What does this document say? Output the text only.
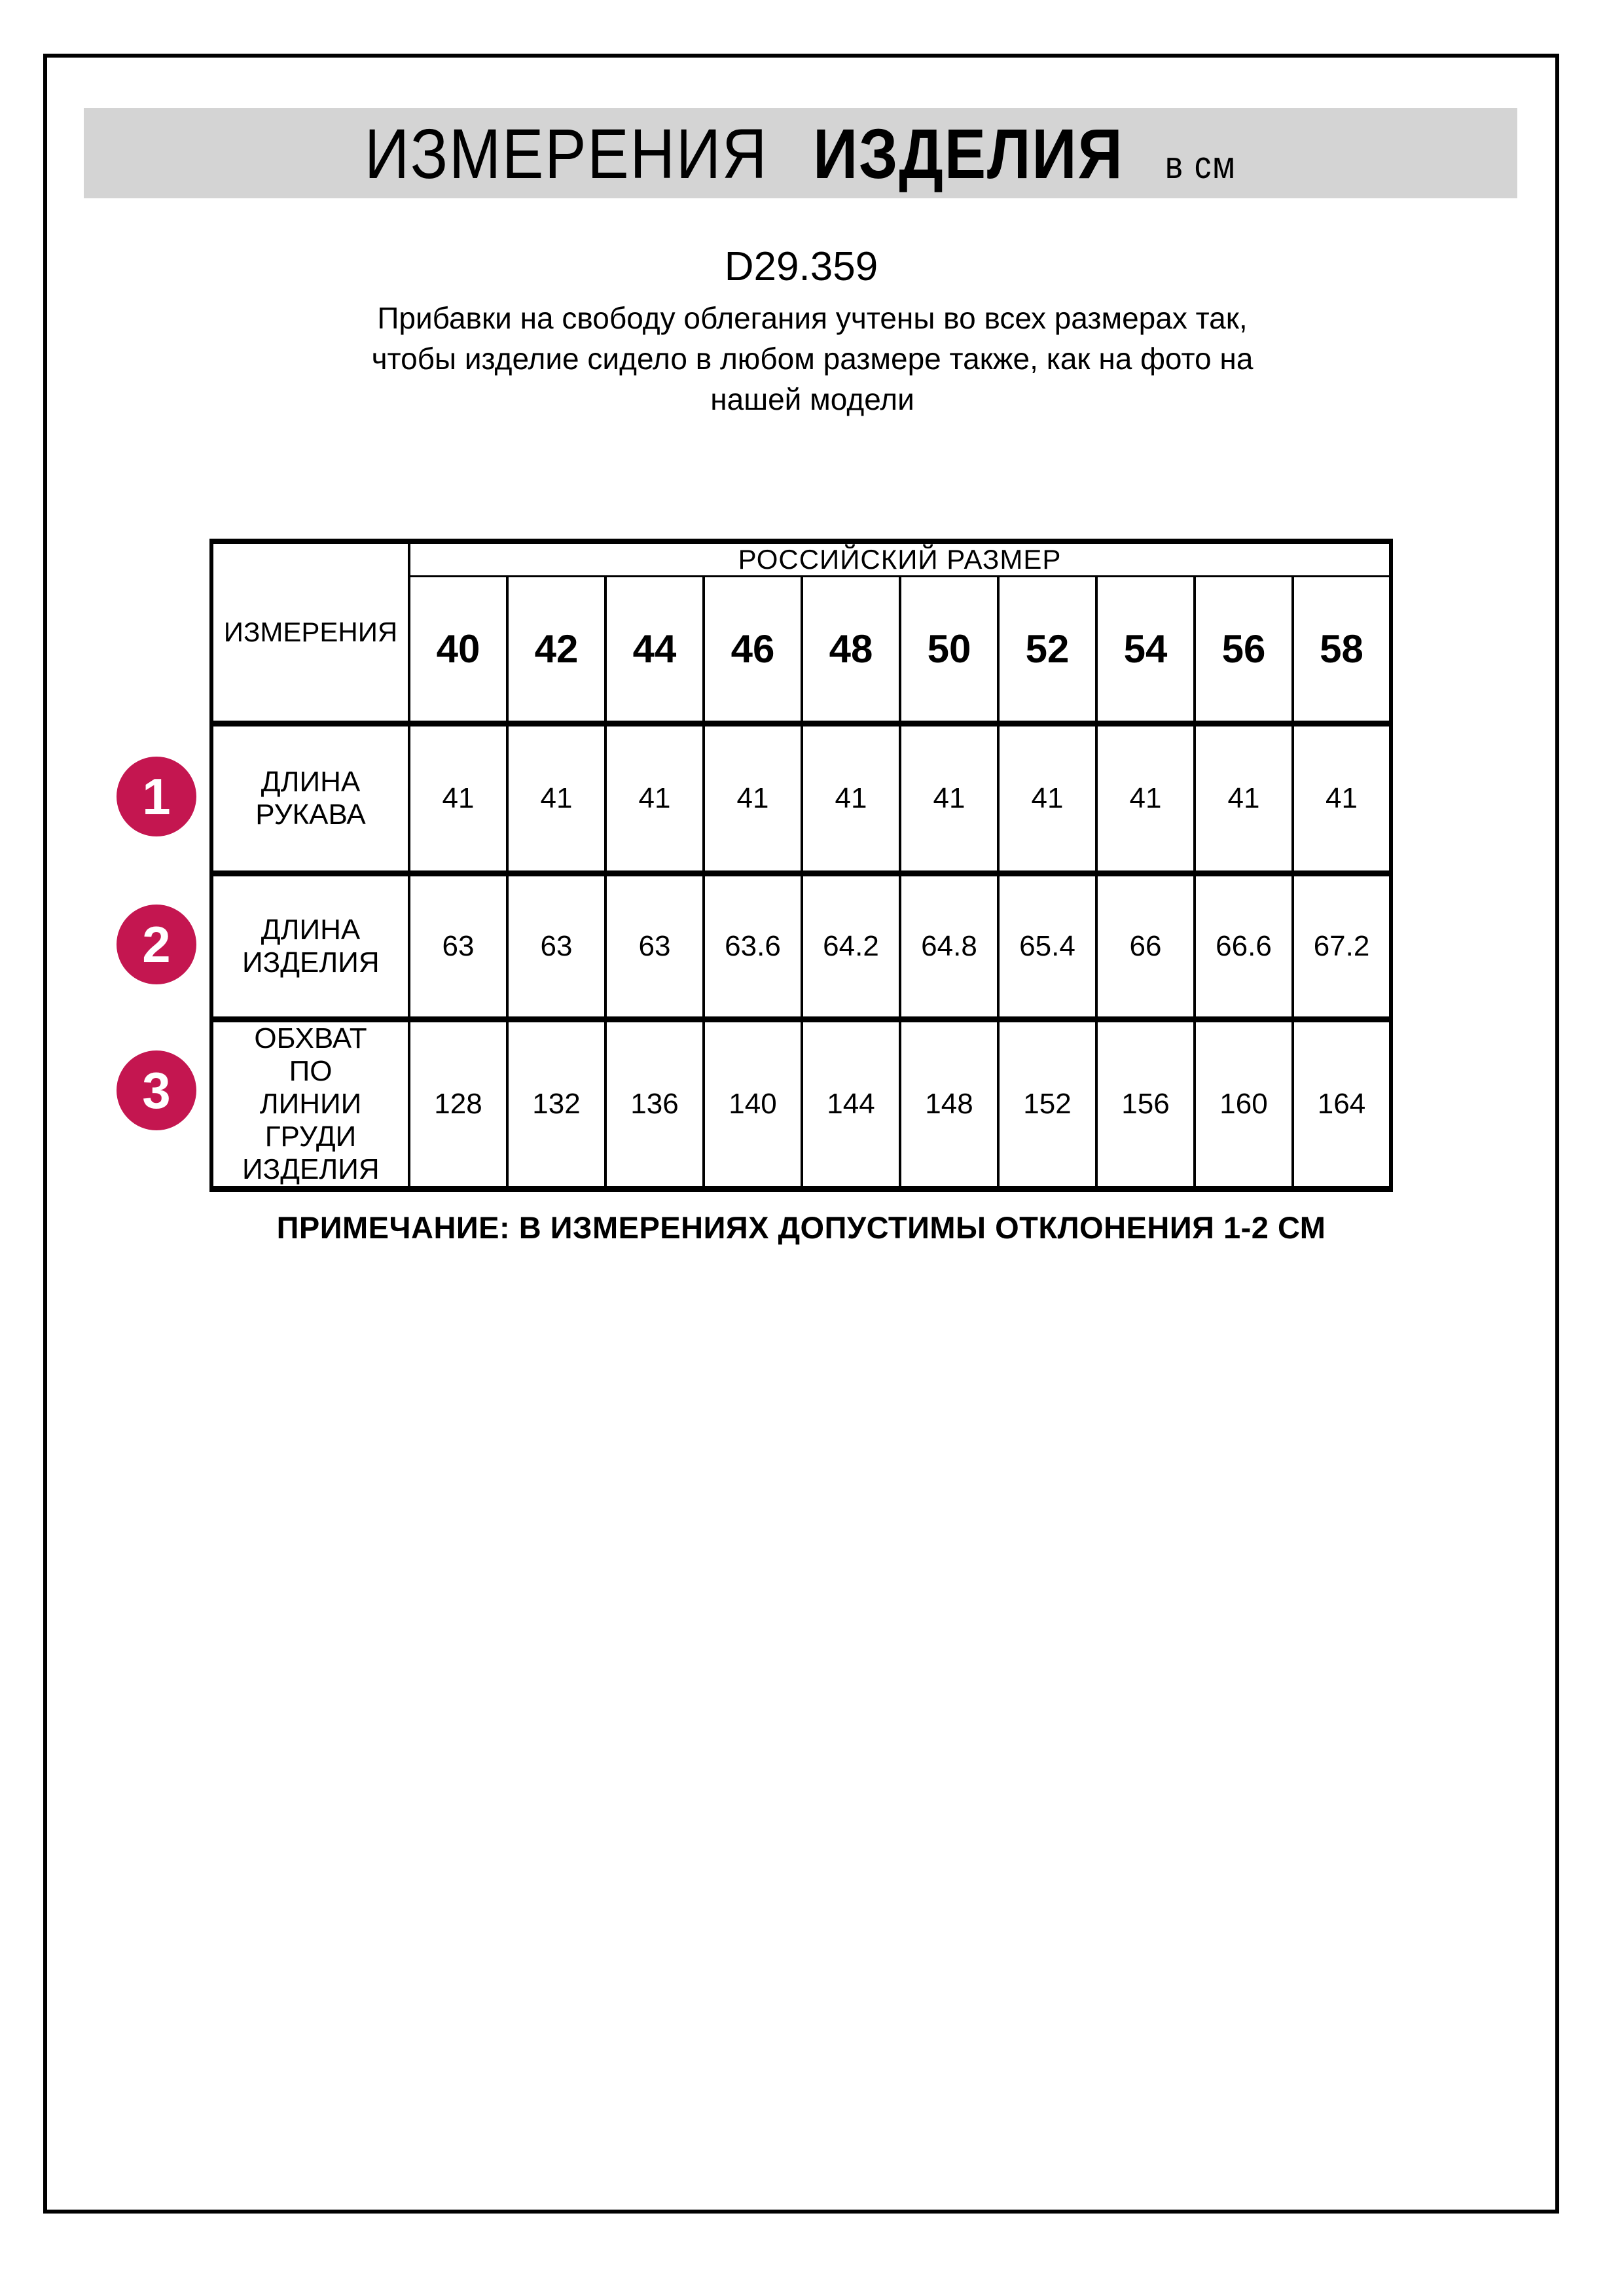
ИЗМЕРЕНИЯ ИЗДЕЛИЯ в см
D29.359
Прибавки на свободу облегания учтены во всех размерах так, чтобы изделие сидело в любом размере также, как на фото на нашей модели
ИЗМЕРЕНИЯ	РОССИЙСКИЙ РАЗМЕР									
	40	42	44	46	48	50	52	54	56	58
ДЛИНА РУКАВА	41	41	41	41	41	41	41	41	41	41
ДЛИНА ИЗДЕЛИЯ	63	63	63	63.6	64.2	64.8	65.4	66	66.6	67.2
ОБХВАТ ПО ЛИНИИ ГРУДИ ИЗДЕЛИЯ	128	132	136	140	144	148	152	156	160	164
1
2
3
ПРИМЕЧАНИЕ: В ИЗМЕРЕНИЯХ ДОПУСТИМЫ ОТКЛОНЕНИЯ 1-2 СМ
